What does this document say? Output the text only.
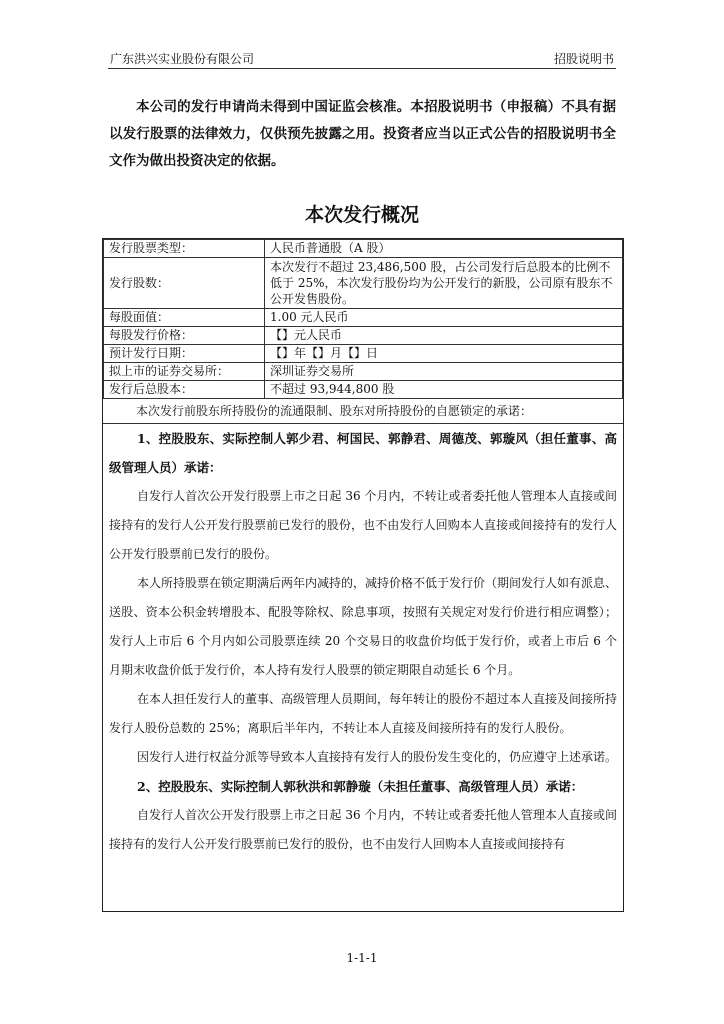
广东洪兴实业股份有限公司	招股说明书
本公司的发行申请尚未得到中国证监会核准。本招股说明书（申报稿）不具有据以发行股票的法律效力，仅供预先披露之用。投资者应当以正式公告的招股说明书全文作为做出投资决定的依据。
本次发行概况
发行股票类型：	人民币普通股（A 股）
发行股数：	本次发行不超过 23,486,500 股，占公司发行后总股本的比例不低于 25%，本次发行股份均为公开发行的新股，公司原有股东不公开发售股份。
每股面值：	1.00 元人民币
每股发行价格：	【】元人民币
预计发行日期：	【】年【】月【】日
拟上市的证券交易所：	深圳证券交易所
发行后总股本：	不超过 93,944,800 股
本次发行前股东所持股份的流通限制、股东对所持股份的自愿锁定的承诺：

1、控股股东、实际控制人郭少君、柯国民、郭静君、周德茂、郭璇风（担任董事、高级管理人员）承诺：

自发行人首次公开发行股票上市之日起 36 个月内，不转让或者委托他人管理本人直接或间接持有的发行人公开发行股票前已发行的股份，也不由发行人回购本人直接或间接持有的发行人公开发行股票前已发行的股份。

本人所持股票在锁定期满后两年内减持的，减持价格不低于发行价（期间发行人如有派息、送股、资本公积金转增股本、配股等除权、除息事项，按照有关规定对发行价进行相应调整）；发行人上市后 6 个月内如公司股票连续 20 个交易日的收盘价均低于发行价，或者上市后 6 个月期末收盘价低于发行价，本人持有发行人股票的锁定期限自动延长 6 个月。

在本人担任发行人的董事、高级管理人员期间，每年转让的股份不超过本人直接及间接所持发行人股份总数的 25%；离职后半年内，不转让本人直接及间接所持有的发行人股份。

因发行人进行权益分派等导致本人直接持有发行人的股份发生变化的，仍应遵守上述承诺。

2、控股股东、实际控制人郭秋洪和郭静璇（未担任董事、高级管理人员）承诺：

自发行人首次公开发行股票上市之日起 36 个月内，不转让或者委托他人管理本人直接或间接持有的发行人公开发行股票前已发行的股份，也不由发行人回购本人直接或间接持有

1-1-1
